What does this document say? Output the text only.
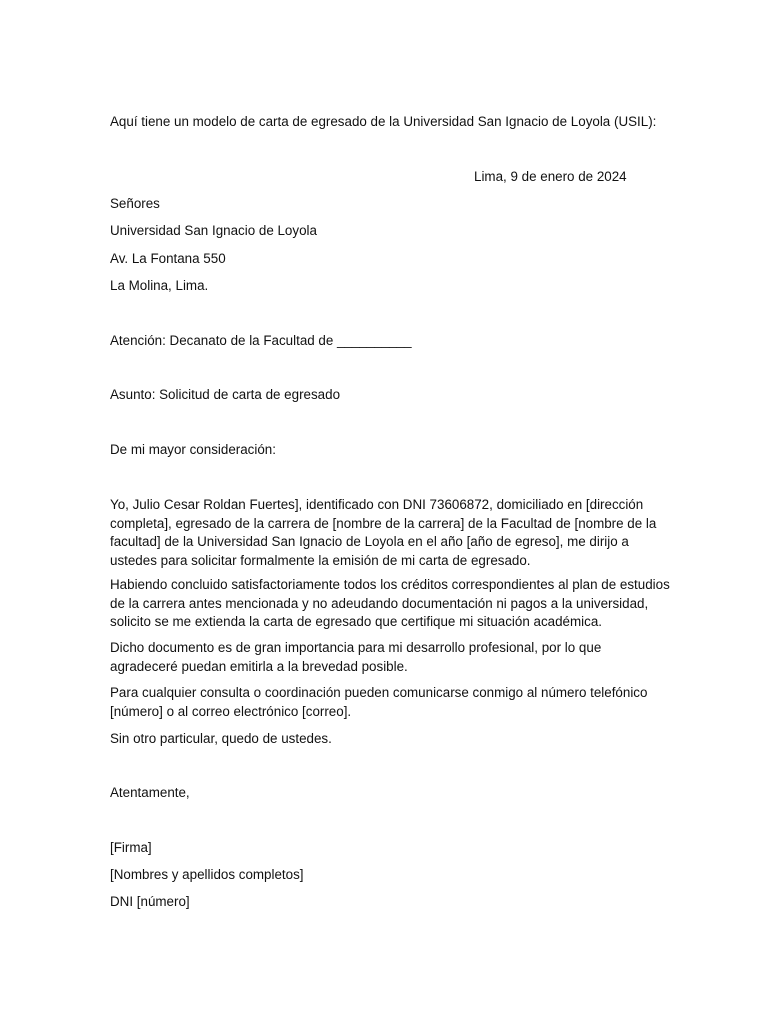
Aquí tiene un modelo de carta de egresado de la Universidad San Ignacio de Loyola (USIL):

Lima, 9 de enero de 2024

Señores

Universidad San Ignacio de Loyola

Av. La Fontana 550

La Molina, Lima.

Atención: Decanato de la Facultad de __________

Asunto: Solicitud de carta de egresado

De mi mayor consideración:

Yo, Julio Cesar Roldan Fuertes], identificado con DNI 73606872, domiciliado en [dirección completa], egresado de la carrera de [nombre de la carrera] de la Facultad de [nombre de la facultad] de la Universidad San Ignacio de Loyola en el año [año de egreso], me dirijo a ustedes para solicitar formalmente la emisión de mi carta de egresado.

Habiendo concluido satisfactoriamente todos los créditos correspondientes al plan de estudios de la carrera antes mencionada y no adeudando documentación ni pagos a la universidad, solicito se me extienda la carta de egresado que certifique mi situación académica.

Dicho documento es de gran importancia para mi desarrollo profesional, por lo que agradeceré puedan emitirla a la brevedad posible.

Para cualquier consulta o coordinación pueden comunicarse conmigo al número telefónico [número] o al correo electrónico [correo].

Sin otro particular, quedo de ustedes.

Atentamente,

[Firma]

[Nombres y apellidos completos]

DNI [número]
